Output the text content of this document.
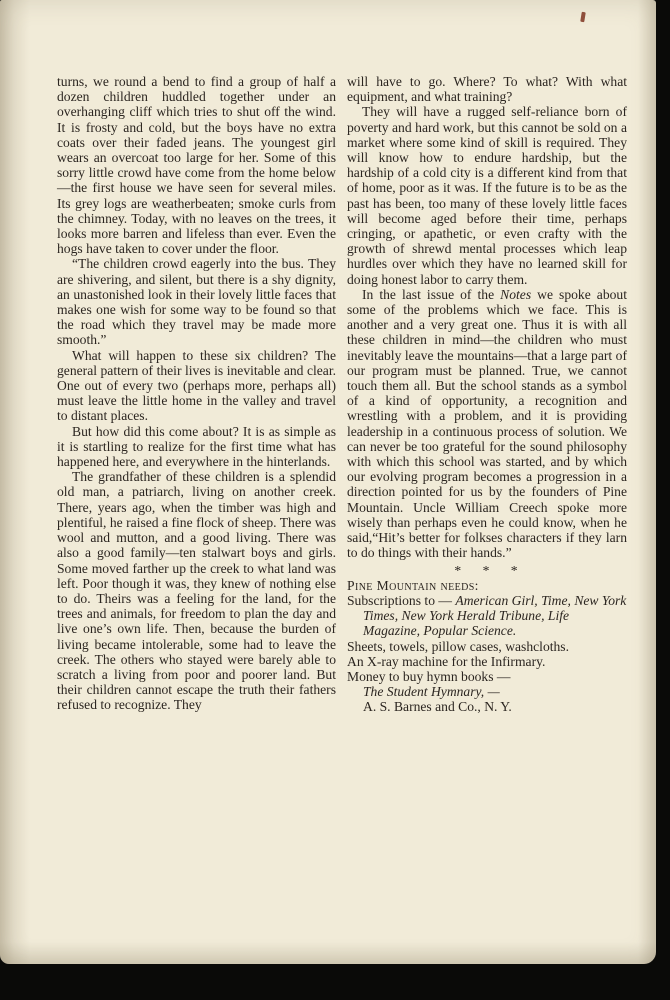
turns, we round a bend to find a group of half a dozen children huddled together under an overhanging cliff which tries to shut off the wind. It is frosty and cold, but the boys have no extra coats over their faded jeans. The youngest girl wears an overcoat too large for her. Some of this sorry little crowd have come from the home below—the first house we have seen for several miles. Its grey logs are weatherbeaten; smoke curls from the chimney. Today, with no leaves on the trees, it looks more barren and lifeless than ever. Even the hogs have taken to cover under the floor.

“The children crowd eagerly into the bus. They are shivering, and silent, but there is a shy dignity, an unastonished look in their lovely little faces that makes one wish for some way to be found so that the road which they travel may be made more smooth.”

What will happen to these six children? The general pattern of their lives is inevitable and clear. One out of every two (perhaps more, perhaps all) must leave the little home in the valley and travel to distant places.

But how did this come about? It is as simple as it is startling to realize for the first time what has happened here, and everywhere in the hinterlands.

The grandfather of these children is a splendid old man, a patriarch, living on another creek. There, years ago, when the timber was high and plentiful, he raised a fine flock of sheep. There was wool and mutton, and a good living. There was also a good family—ten stalwart boys and girls. Some moved farther up the creek to what land was left. Poor though it was, they knew of nothing else to do. Theirs was a feeling for the land, for the trees and animals, for freedom to plan the day and live one’s own life. Then, because the burden of living became intolerable, some had to leave the creek. The others who stayed were barely able to scratch a living from poor and poorer land. But their children cannot escape the truth their fathers refused to recognize. They

will have to go. Where? To what? With what equipment, and what training?

They will have a rugged self-reliance born of poverty and hard work, but this cannot be sold on a market where some kind of skill is required. They will know how to endure hardship, but the hardship of a cold city is a different kind from that of home, poor as it was. If the future is to be as the past has been, too many of these lovely little faces will become aged before their time, perhaps cringing, or apathetic, or even crafty with the growth of shrewd mental processes which leap hurdles over which they have no learned skill for doing honest labor to carry them.

In the last issue of the Notes we spoke about some of the problems which we face. This is another and a very great one. Thus it is with all these children in mind—the children who must inevitably leave the mountains—that a large part of our program must be planned. True, we cannot touch them all. But the school stands as a symbol of a kind of opportunity, a recognition and wrestling with a problem, and it is providing leadership in a continuous process of solution. We can never be too grateful for the sound philosophy with which this school was started, and by which our evolving program becomes a progression in a direction pointed for us by the founders of Pine Mountain. Uncle William Creech spoke more wisely than perhaps even he could know, when he said,“Hit’s better for folkses characters if they larn to do things with their hands.”

* * *
Pine Mountain needs:

Subscriptions to — American Girl, Time, New York Times, New York Herald Tribune, Life Magazine, Popular Science.

Sheets, towels, pillow cases, washcloths.

An X-ray machine for the Infirmary.

Money to buy hymn books —

The Student Hymnary, —

A. S. Barnes and Co., N. Y.
